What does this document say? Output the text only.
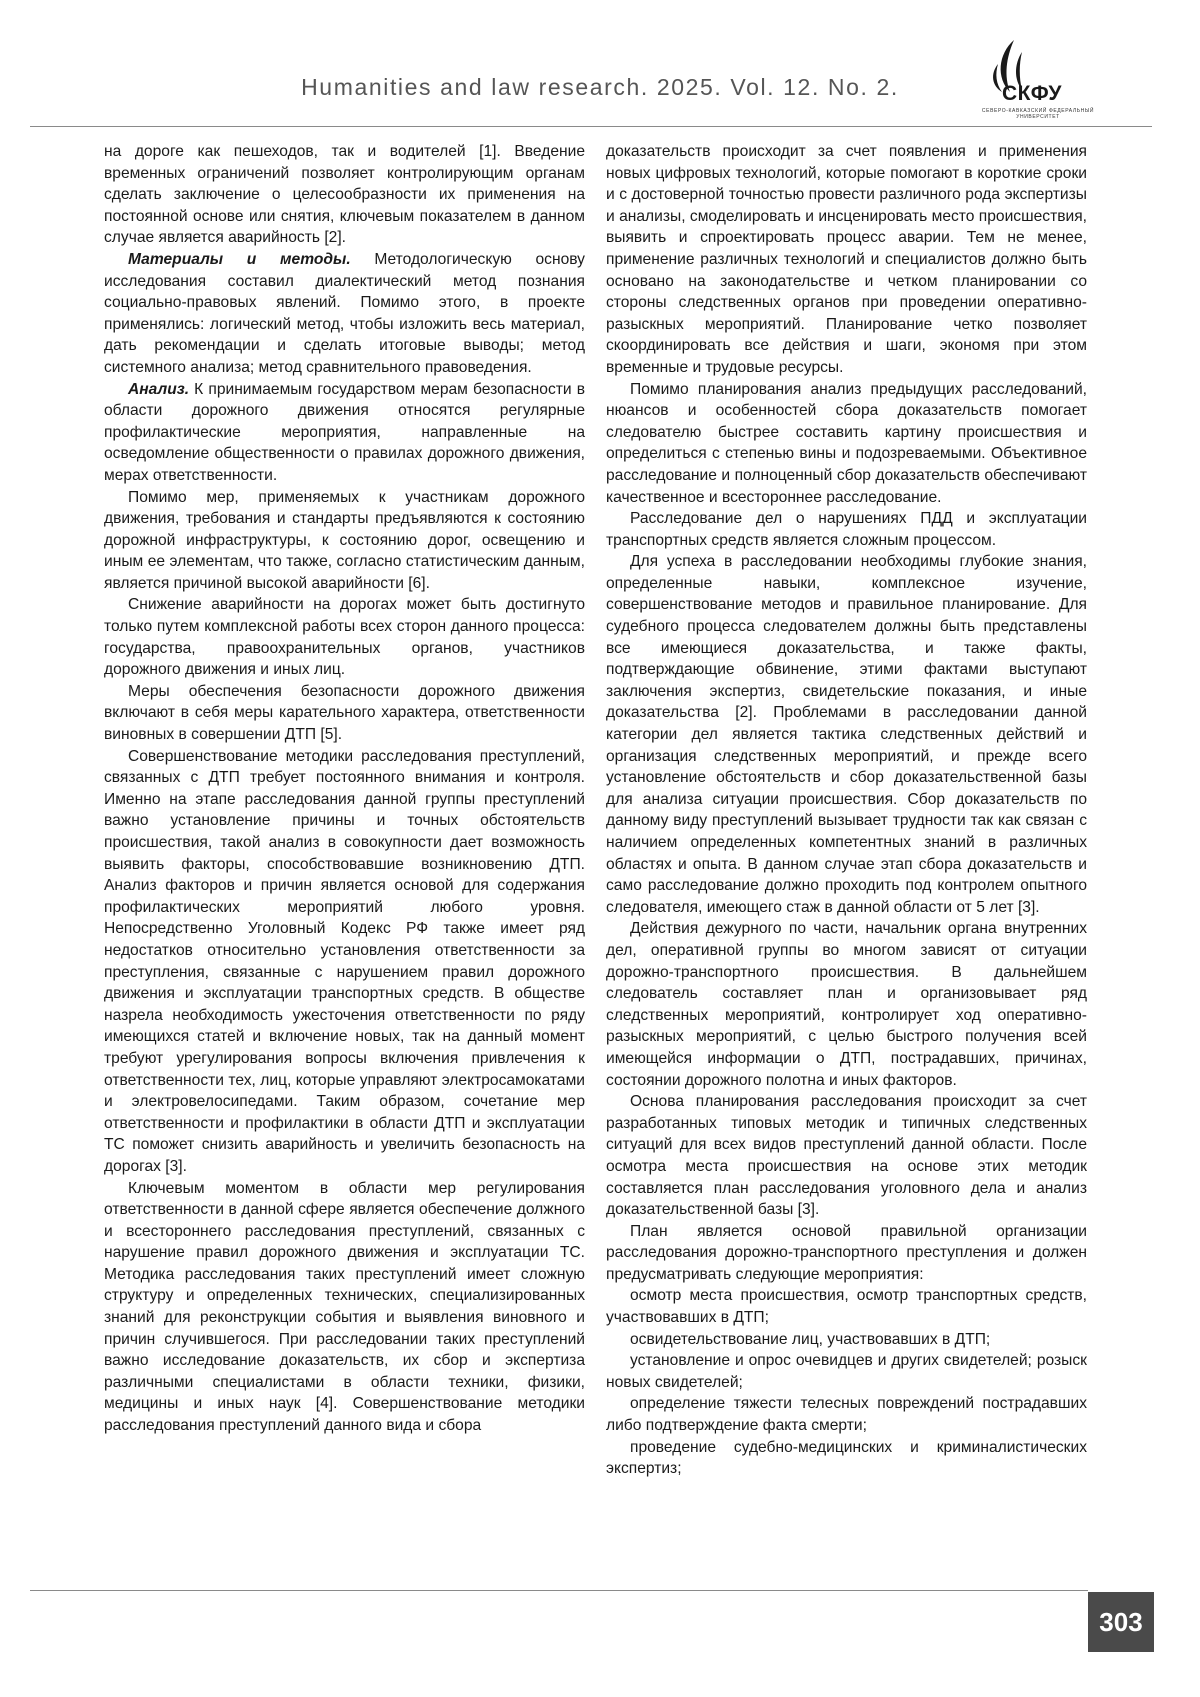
Humanities and law research. 2025. Vol. 12. No. 2.	СКФУ
СЕВЕРО-КАВКАЗСКИЙ ФЕДЕРАЛЬНЫЙ УНИВЕРСИТЕТ

на дороге как пешеходов, так и водителей [1]. Введение временных ограничений позволяет контролирующим органам сделать заключение о целесообразности их применения на постоянной основе или снятия, ключевым показателем в данном случае является аварийность [2].

Материалы и методы. Методологическую основу исследования составил диалектический метод познания социально-правовых явлений. Помимо этого, в проекте применялись: логический метод, чтобы изложить весь материал, дать рекомендации и сделать итоговые выводы; метод системного анализа; метод сравнительного правоведения.

Анализ. К принимаемым государством мерам безопасности в области дорожного движения относятся регулярные профилактические мероприятия, направленные на осведомление общественности о правилах дорожного движения, мерах ответственности.

Помимо мер, применяемых к участникам дорожного движения, требования и стандарты предъявляются к состоянию дорожной инфраструктуры, к состоянию дорог, освещению и иным ее элементам, что также, согласно статистическим данным, является причиной высокой аварийности [6].

Снижение аварийности на дорогах может быть достигнуто только путем комплексной работы всех сторон данного процесса: государства, правоохранительных органов, участников дорожного движения и иных лиц.

Меры обеспечения безопасности дорожного движения включают в себя меры карательного характера, ответственности виновных в совершении ДТП [5].

Совершенствование методики расследования преступлений, связанных с ДТП требует постоянного внимания и контроля. Именно на этапе расследования данной группы преступлений важно установление причины и точных обстоятельств происшествия, такой анализ в совокупности дает возможность выявить факторы, способствовавшие возникновению ДТП. Анализ факторов и причин является основой для содержания профилактических мероприятий любого уровня. Непосредственно Уголовный Кодекс РФ также имеет ряд недостатков относительно установления ответственности за преступления, связанные с нарушением правил дорожного движения и эксплуатации транспортных средств. В обществе назрела необходимость ужесточения ответственности по ряду имеющихся статей и включение новых, так на данный момент требуют урегулирования вопросы включения привлечения к ответственности тех, лиц, которые управляют электросамокатами и электровелосипедами. Таким образом, сочетание мер ответственности и профилактики в области ДТП и эксплуатации ТС поможет снизить аварийность и увеличить безопасность на дорогах [3].

Ключевым моментом в области мер регулирования ответственности в данной сфере является обеспечение должного и всестороннего расследования преступлений, связанных с нарушение правил дорожного движения и эксплуатации ТС. Методика расследования таких преступлений имеет сложную структуру и определенных технических, специализированных знаний для реконструкции события и выявления виновного и причин случившегося. При расследовании таких преступлений важно исследование доказательств, их сбор и экспертиза различными специалистами в области техники, физики, медицины и иных наук [4]. Совершенствование методики расследования преступлений данного вида и сбора

доказательств происходит за счет появления и применения новых цифровых технологий, которые помогают в короткие сроки и с достоверной точностью провести различного рода экспертизы и анализы, смоделировать и инсценировать место происшествия, выявить и спроектировать процесс аварии. Тем не менее, применение различных технологий и специалистов должно быть основано на законодательстве и четком планировании со стороны следственных органов при проведении оперативно-разыскных мероприятий. Планирование четко позволяет скоординировать все действия и шаги, экономя при этом временные и трудовые ресурсы.

Помимо планирования анализ предыдущих расследований, нюансов и особенностей сбора доказательств помогает следователю быстрее составить картину происшествия и определиться с степенью вины и подозреваемыми. Объективное расследование и полноценный сбор доказательств обеспечивают качественное и всестороннее расследование.

Расследование дел о нарушениях ПДД и эксплуатации транспортных средств является сложным процессом.

Для успеха в расследовании необходимы глубокие знания, определенные навыки, комплексное изучение, совершенствование методов и правильное планирование. Для судебного процесса следователем должны быть представлены все имеющиеся доказательства, и также факты, подтверждающие обвинение, этими фактами выступают заключения экспертиз, свидетельские показания, и иные доказательства [2]. Проблемами в расследовании данной категории дел является тактика следственных действий и организация следственных мероприятий, и прежде всего установление обстоятельств и сбор доказательственной базы для анализа ситуации происшествия. Сбор доказательств по данному виду преступлений вызывает трудности так как связан с наличием определенных компетентных знаний в различных областях и опыта. В данном случае этап сбора доказательств и само расследование должно проходить под контролем опытного следователя, имеющего стаж в данной области от 5 лет [3].

Действия дежурного по части, начальник органа внутренних дел, оперативной группы во многом зависят от ситуации дорожно-транспортного происшествия. В дальнейшем следователь составляет план и организовывает ряд следственных мероприятий, контролирует ход оперативно-разыскных мероприятий, с целью быстрого получения всей имеющейся информации о ДТП, пострадавших, причинах, состоянии дорожного полотна и иных факторов.

Основа планирования расследования происходит за счет разработанных типовых методик и типичных следственных ситуаций для всех видов преступлений данной области. После осмотра места происшествия на основе этих методик составляется план расследования уголовного дела и анализ доказательственной базы [3].

План является основой правильной организации расследования дорожно-транспортного преступления и должен предусматривать следующие мероприятия:

осмотр места происшествия, осмотр транспортных средств, участвовавших в ДТП;

освидетельствование лиц, участвовавших в ДТП;

установление и опрос очевидцев и других свидетелей; розыск новых свидетелей;

определение тяжести телесных повреждений пострадавших либо подтверждение факта смерти;

проведение судебно-медицинских и криминалистических экспертиз;

303
